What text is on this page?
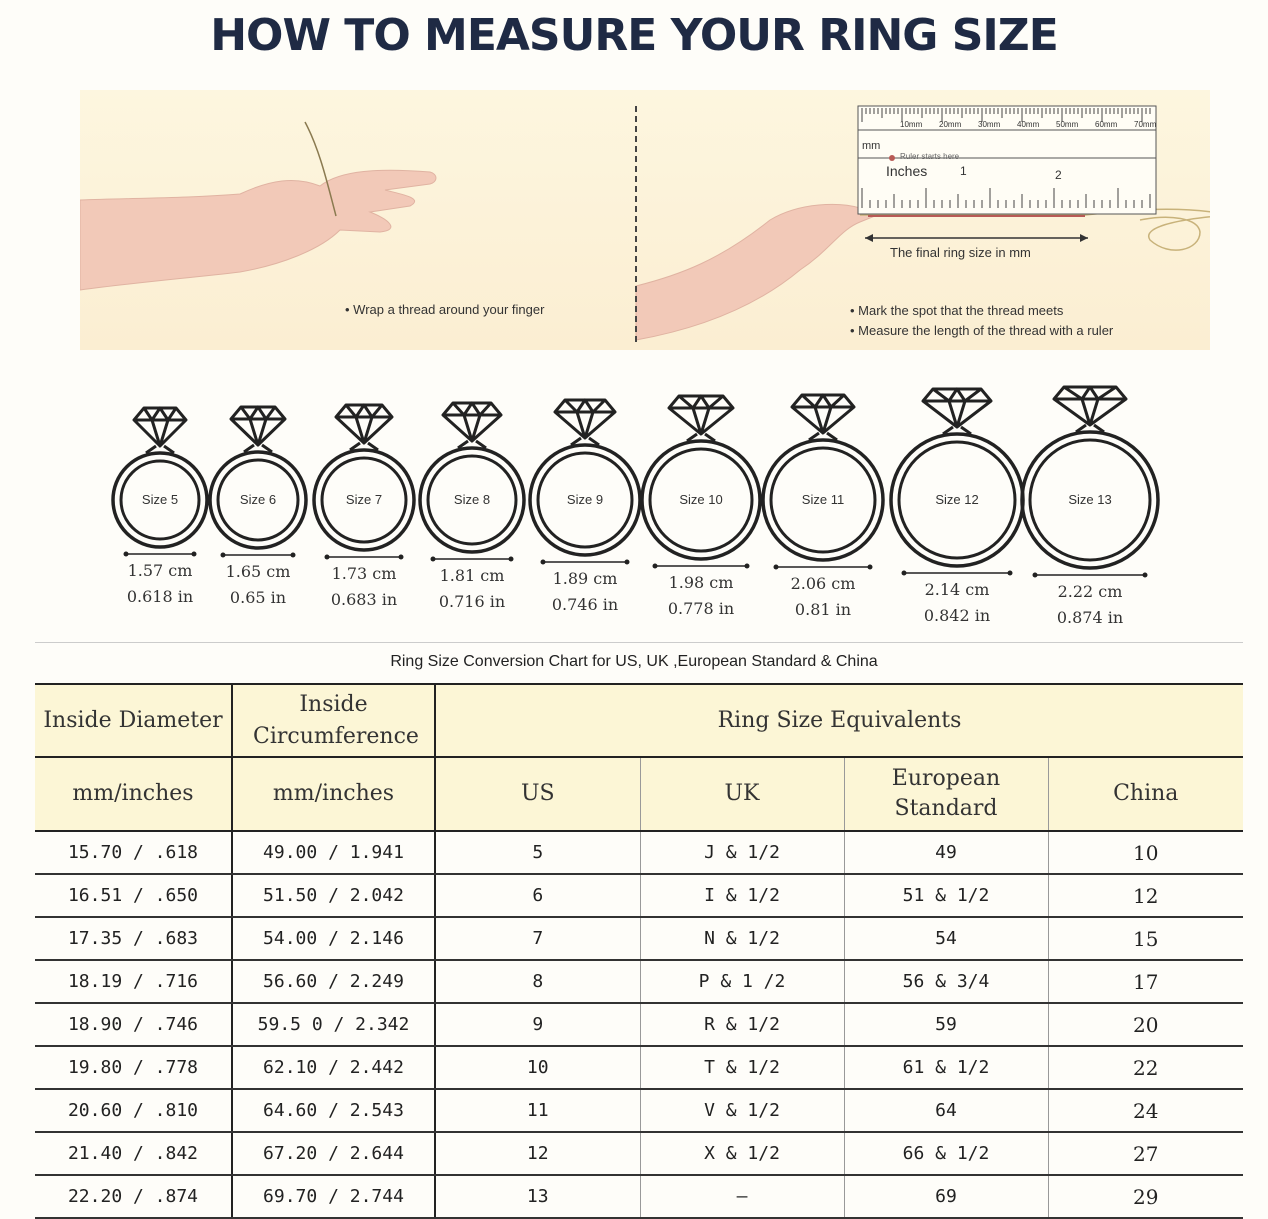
HOW TO MEASURE YOUR RING SIZE
mm
Ruler starts here
Inches	1	2
10mm 20mm 30mm 40mm 50mm 60mm 70mm
The final ring size in mm
• Wrap a thread around your finger	• Mark the spot that the thread meets
• Measure the length of the thread with a ruler
Size 5
1.57 cm
0.618 in
Size 6
1.65 cm
0.65 in
Size 7
1.73 cm
0.683 in
Size 8
1.81 cm
0.716 in
Size 9
1.89 cm
0.746 in
Size 10
1.98 cm
0.778 in
Size 11
2.06 cm
0.81 in
Size 12
2.14 cm
0.842 in
Size 13
2.22 cm
0.874 in
Ring Size Conversion Chart for US, UK ,European Standard & China
Inside Diameter	Inside Circumference	Ring Size Equivalents			
mm/inches	mm/inches	US	UK	European Standard	China
15.70 / .618	49.00 / 1.941	5	J & 1/2	49	10
16.51 / .650	51.50 / 2.042	6	I & 1/2	51 & 1/2	12
17.35 / .683	54.00 / 2.146	7	N & 1/2	54	15
18.19 / .716	56.60 / 2.249	8	P & 1 /2	56 & 3/4	17
18.90 / .746	59.5 0 / 2.342	9	R & 1/2	59	20
19.80 / .778	62.10 / 2.442	10	T & 1/2	61 & 1/2	22
20.60 / .810	64.60 / 2.543	11	V & 1/2	64	24
21.40 / .842	67.20 / 2.644	12	X & 1/2	66 & 1/2	27
22.20 / .874	69.70 / 2.744	13	—	69	29
